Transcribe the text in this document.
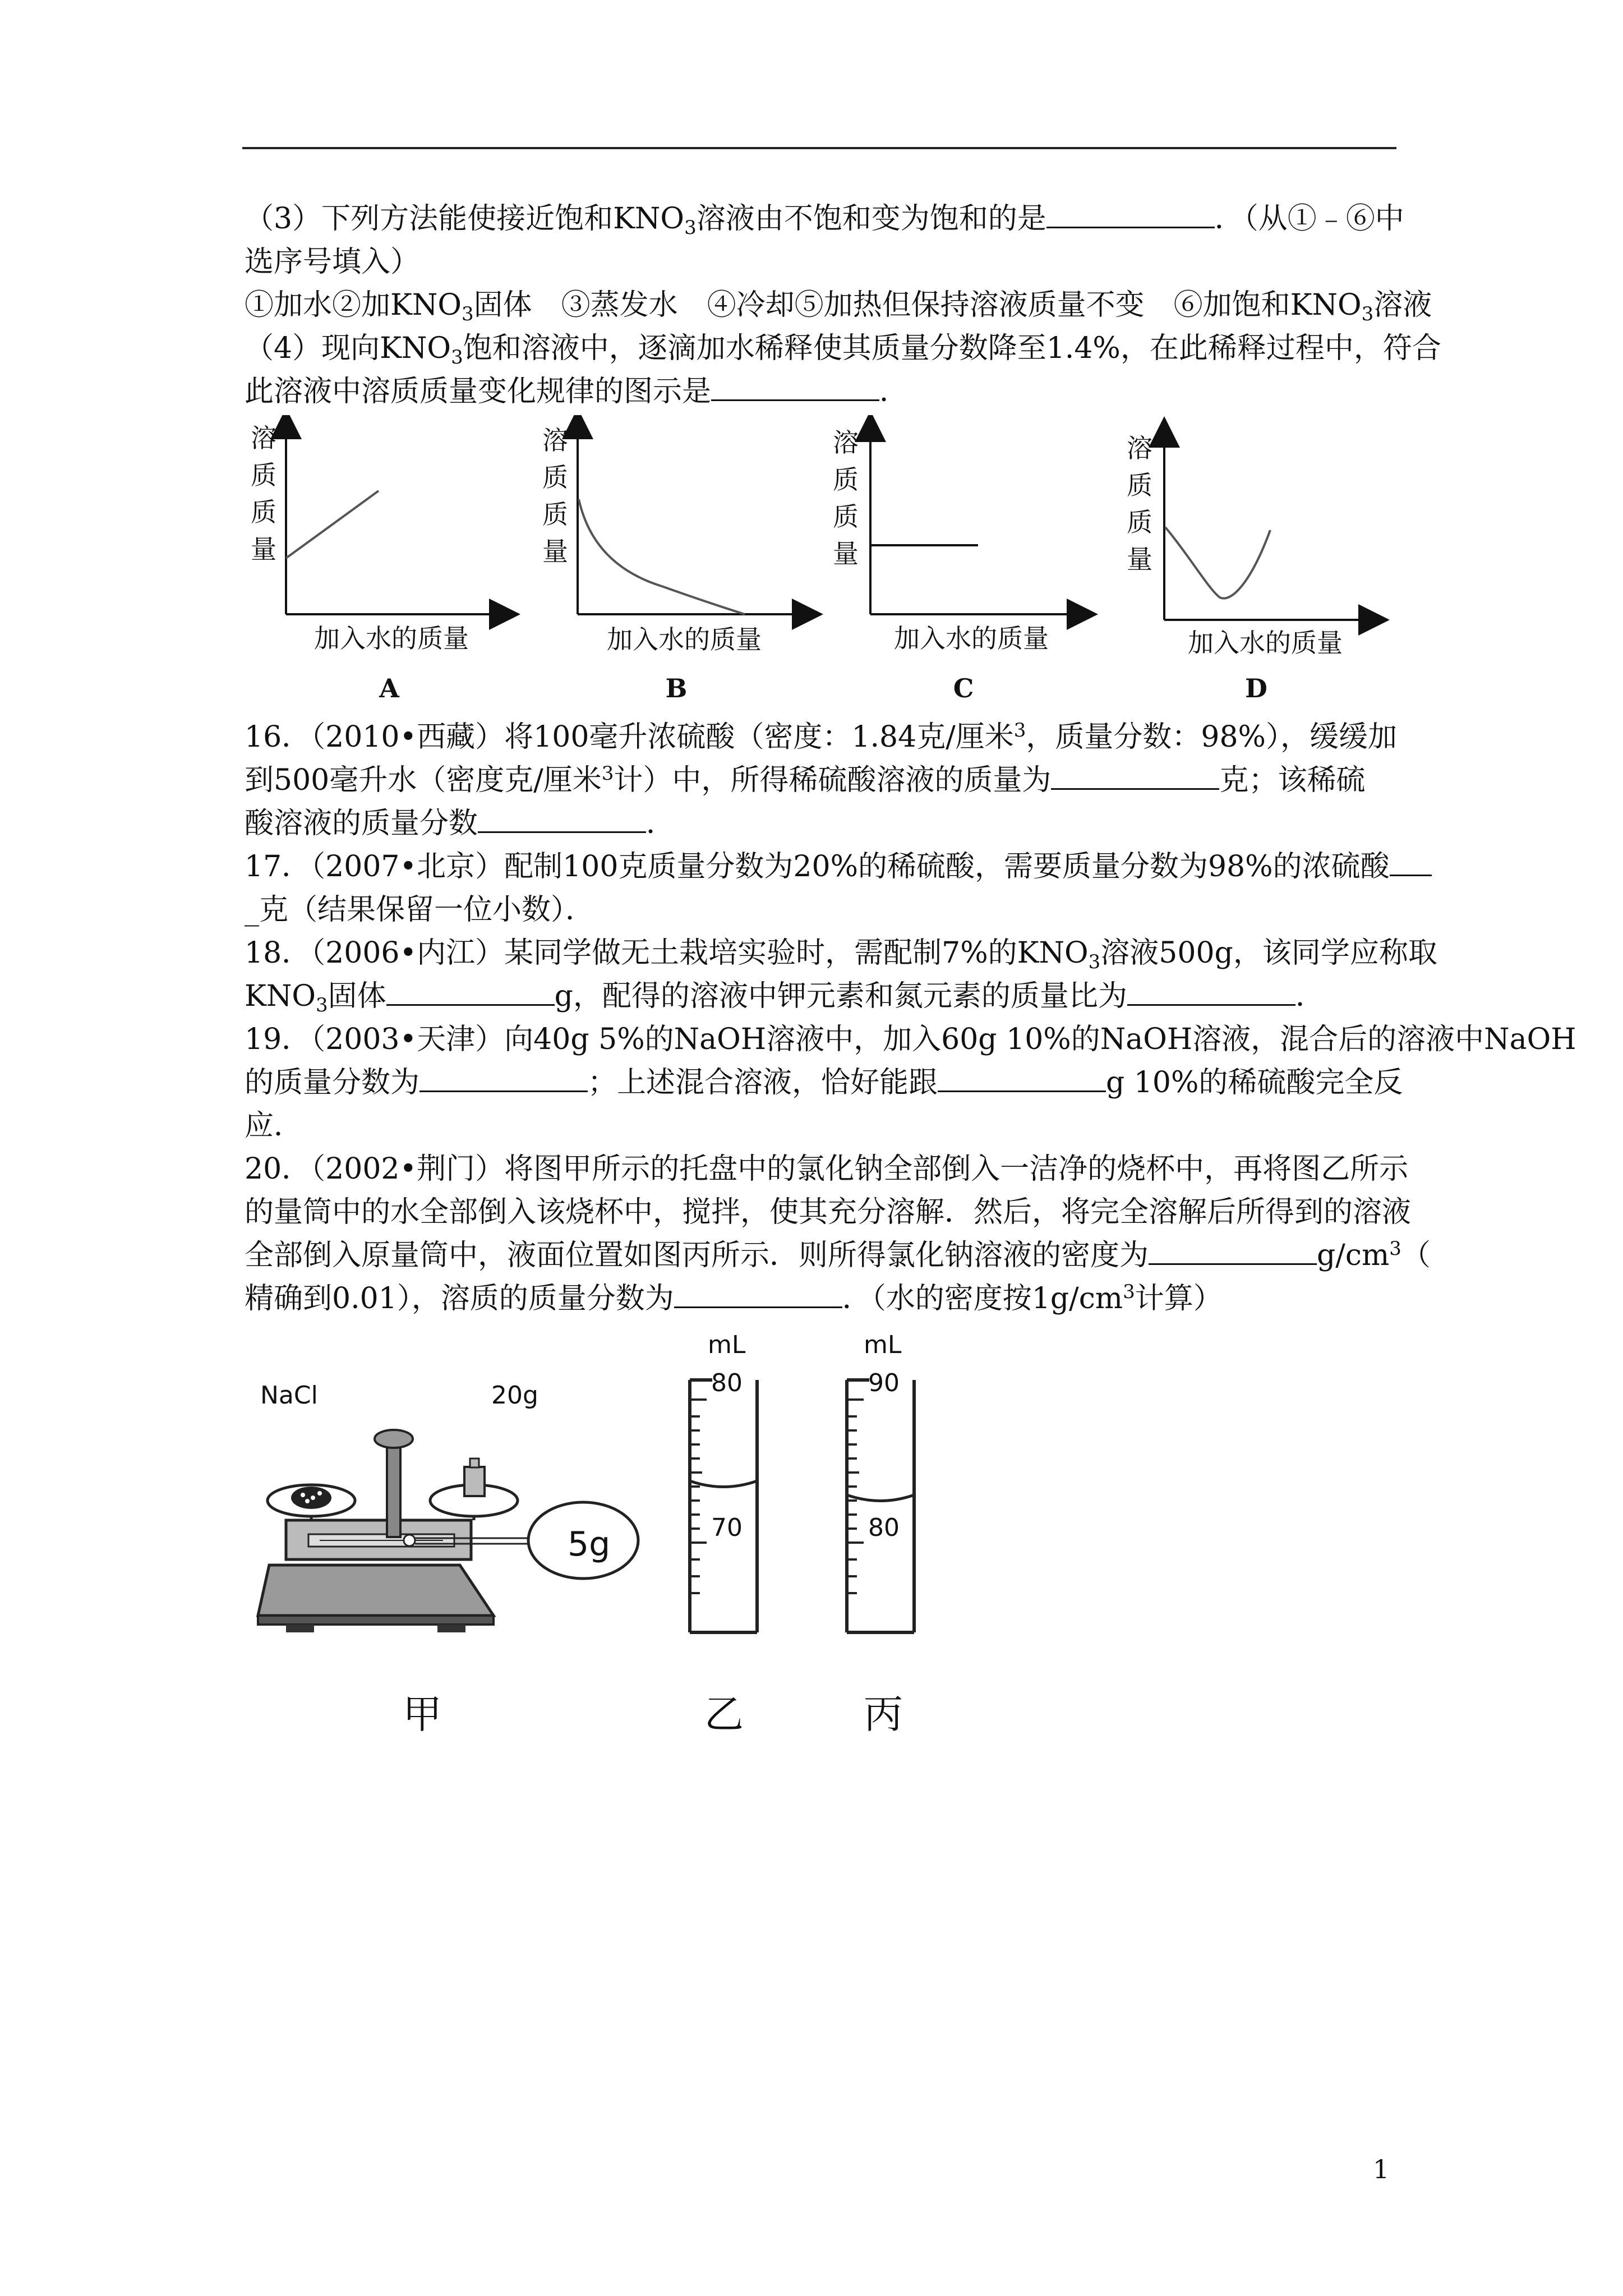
（3）下列方法能使接近饱和$KNO_3$溶液由不饱和变为饱和的是	．（从①﹣⑥中
选序号填入）
①加水②加$KNO_3$固体　③蒸发水　④冷却⑤加热但保持溶液质量不变　⑥加饱和$KNO_3$溶液
（4）现向$KNO_3$饱和溶液中，逐滴加水稀释使其质量分数降至1.4%，在此稀释过程中，符合
此溶液中溶质质量变化规律的图示是	．
溶
质
质
量
加入水的质量
A
溶
质
质
量
加入水的质量
B
溶
质
质
量
加入水的质量
C
溶
质
质
量
加入水的质量
D
16．（2010•西藏）将100毫升浓硫酸（密度：1.84克/厘米$^3$，质量分数：98%），缓缓加
到500毫升水（密度克/厘米$^3$计）中，所得稀硫酸溶液的质量为	克；该稀硫
酸溶液的质量分数	．
17．（2007•北京）配制100克质量分数为20%的稀硫酸，需要质量分数为98%的浓硫酸
_克（结果保留一位小数）．
18．（2006•内江）某同学做无土栽培实验时，需配制7%的$KNO_3$溶液500g，该同学应称取
$KNO_3$固体	g，配得的溶液中钾元素和氮元素的质量比为	．
19．（2003•天津）向40g 5%的NaOH溶液中，加入60g 10%的NaOH溶液，混合后的溶液中NaOH
的质量分数为	；上述混合溶液，恰好能跟	g 10%的稀硫酸完全反
应．
20．（2002•荆门）将图甲所示的托盘中的氯化钠全部倒入一洁净的烧杯中，再将图乙所示
的量筒中的水全部倒入该烧杯中，搅拌，使其充分溶解．然后，将完全溶解后所得到的溶液
全部倒入原量筒中，液面位置如图丙所示．则所得氯化钠溶液的密度为	$g/cm^3$（
精确到0.01），溶质的质量分数为	．（水的密度按$1g/cm^3$计算）
NaCl	20g
5g
mL
80
70
mL
90
80
甲	乙	丙
1
